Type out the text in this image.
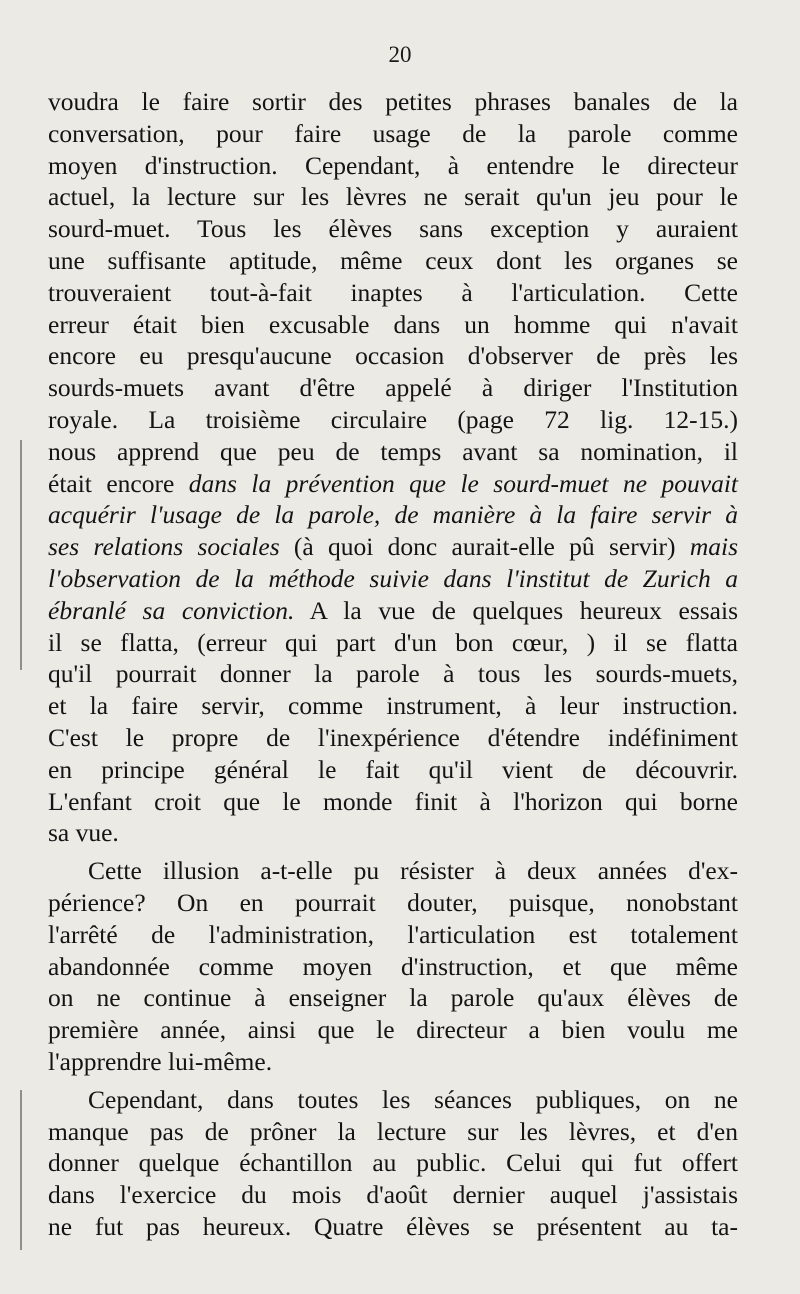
20
voudra le faire sortir des petites phrases banales de la
conversation, pour faire usage de la parole comme
moyen d'instruction. Cependant, à entendre le directeur
actuel, la lecture sur les lèvres ne serait qu'un jeu pour le
sourd-muet. Tous les élèves sans exception y auraient
une suffisante aptitude, même ceux dont les organes se
trouveraient tout-à-fait inaptes à l'articulation. Cette
erreur était bien excusable dans un homme qui n'avait
encore eu presqu'aucune occasion d'observer de près les
sourds-muets avant d'être appelé à diriger l'Institution
royale. La troisième circulaire (page 72 lig. 12-15.)
nous apprend que peu de temps avant sa nomination, il
était encore dans la prévention que le sourd-muet ne pouvait
acquérir l'usage de la parole, de manière à la faire servir à
ses relations sociales (à quoi donc aurait-elle pû servir) mais
l'observation de la méthode suivie dans l'institut de Zurich a
ébranlé sa conviction. A la vue de quelques heureux essais
il se flatta, (erreur qui part d'un bon cœur, ) il se flatta
qu'il pourrait donner la parole à tous les sourds-muets,
et la faire servir, comme instrument, à leur instruction.
C'est le propre de l'inexpérience d'étendre indéfiniment
en principe général le fait qu'il vient de découvrir.
L'enfant croit que le monde finit à l'horizon qui borne
sa vue.
Cette illusion a-t-elle pu résister à deux années d'ex-
périence? On en pourrait douter, puisque, nonobstant
l'arrêté de l'administration, l'articulation est totalement
abandonnée comme moyen d'instruction, et que même
on ne continue à enseigner la parole qu'aux élèves de
première année, ainsi que le directeur a bien voulu me
l'apprendre lui-même.
Cependant, dans toutes les séances publiques, on ne
manque pas de prôner la lecture sur les lèvres, et d'en
donner quelque échantillon au public. Celui qui fut offert
dans l'exercice du mois d'août dernier auquel j'assistais
ne fut pas heureux. Quatre élèves se présentent au ta-
